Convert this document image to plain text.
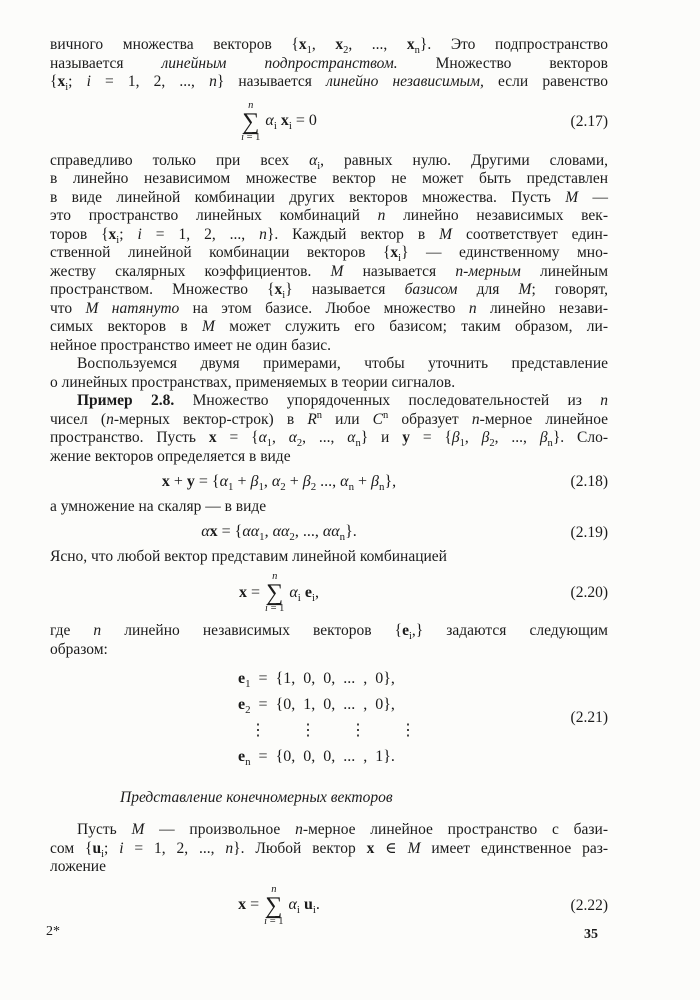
вичного множества векторов {$x_1$, $x_2$, ..., $x_n$}. Это подпространство
называется линейным подпространством. Множество векторов
{$x_i$; i = 1, 2, ..., n} называется линейно независимым, если равенство
n
∑
i = 1
$\alpha_i$ $x_i = 0$	(2.17)
справедливо только при всех $\alpha_i$, равных нулю. Другими словами,
в линейно независимом множестве вектор не может быть представлен
в виде линейной комбинации других векторов множества. Пусть М —
это пространство линейных комбинаций n линейно независимых век-
торов {$x_i$; i = 1, 2, ..., n}. Каждый вектор в М соответствует един-
ственной линейной комбинации векторов $\{x_i\}$ — единственному мно-
жеству скалярных коэффициентов. М называется n-мерным линейным
пространством. Множество $\{x_i\}$ называется базисом для М; говорят,
что М натянуто на этом базисе. Любое множество n линейно незави-
симых векторов в М может служить его базисом; таким образом, ли-
нейное пространство имеет не один базис.
Воспользуемся двумя примерами, чтобы уточнить представление
о линейных пространствах, применяемых в теории сигналов.
Пример 2.8. Множество упорядоченных последовательностей из n
чисел (n-мерных вектор-строк) в $R^n$ или $С^n$ образует n-мерное линейное
пространство. Пусть $x = \{\alpha_1$, $\alpha_2$, ..., $\alpha_n$} и $y = \{\beta_1$, $\beta_2$, ..., $\beta_n$}. Сло-
жение векторов определяется в виде
$x + y = \{\alpha_1 + \beta_1$, $\alpha_2 + \beta_2$ ..., $\alpha_n + \beta_n$},	(2.18)
а умножение на скаляр — в виде
$\alpha x = \{\alpha\alpha_1$, $\alpha\alpha_2$, ..., $\alpha\alpha_n$}.	(2.19)
Ясно, что любой вектор представим линейной комбинацией
x =
n
∑
i = 1
$\alpha_i$ $e_i$,	(2.20)
где n линейно независимых векторов $\{e_i,\}$ задаются следующим
образом:
$e_1 = \{1$, 0, 0, ... , 0},
$e_2 = \{0$, 1, 0, ... , 0},
⋮ ⋮ ⋮ ⋮
$e_n = \{0$, 0, 0, ... , 1}.
(2.21)
Представление конечномерных векторов
Пусть М — произвольное n-мерное линейное пространство с бази-
сом {$u_i$; i = 1, 2, ..., n}. Любой вектор x ∈ М имеет единственное раз-
ложение
x =
n
∑
i = 1
$\alpha_i$ $u_i$.	(2.22)
2*	35
